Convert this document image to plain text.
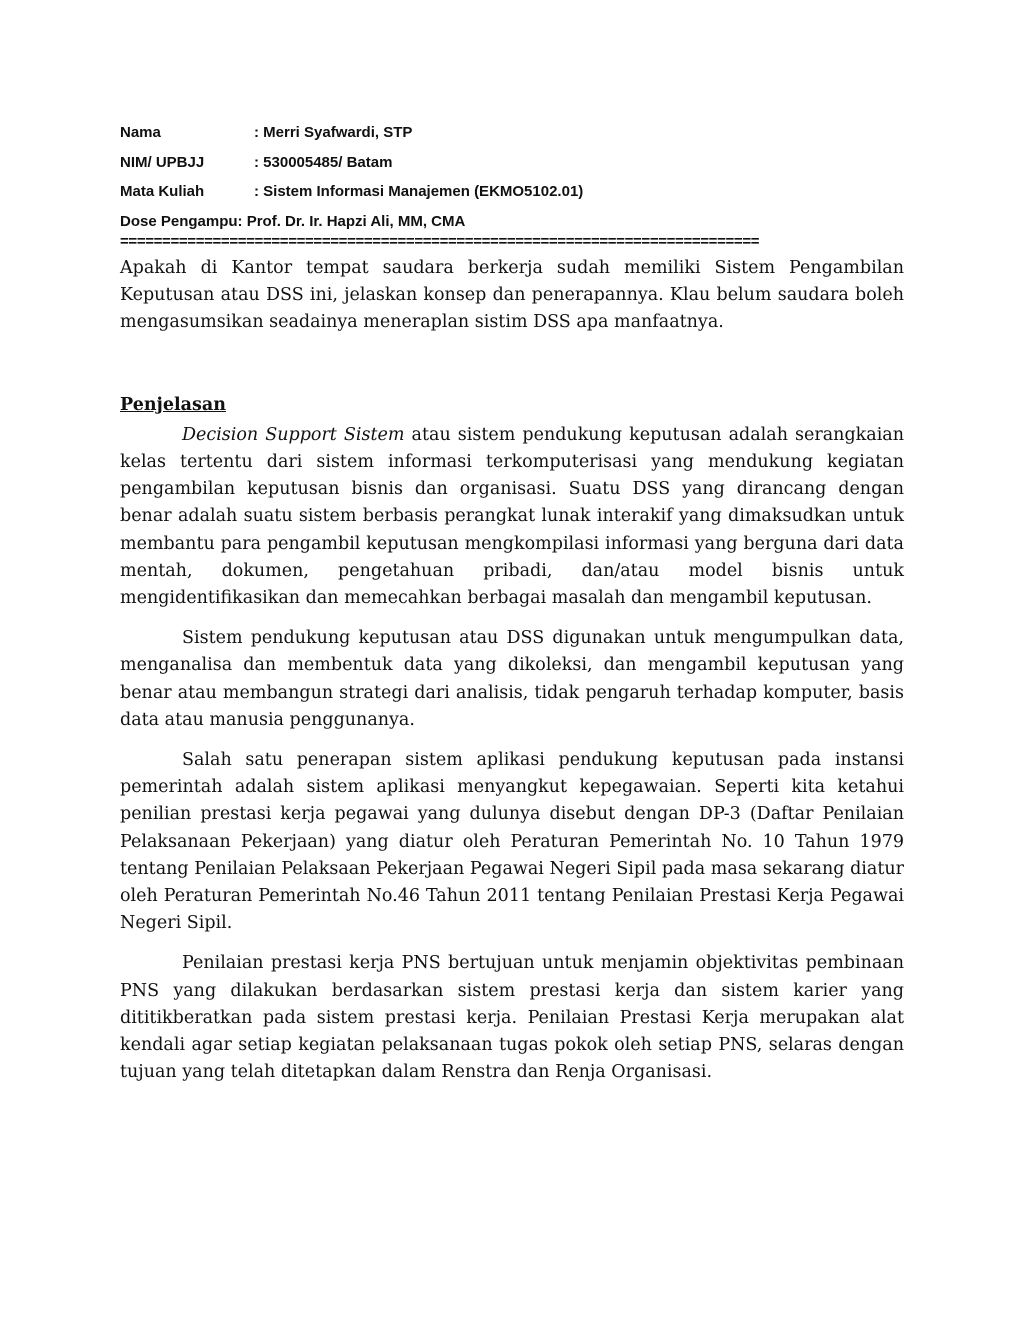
Nama	: Merri Syafwardi, STP
NIM/ UPBJJ	: 530005485/ Batam
Mata Kuliah	: Sistem Informasi Manajemen (EKMO5102.01)
Dose Pengampu : Prof. Dr. Ir. Hapzi Ali, MM, CMA
============================================================================
Apakah di Kantor tempat saudara berkerja sudah memiliki Sistem Pengambilan Keputusan atau DSS ini, jelaskan konsep dan penerapannya. Klau belum saudara boleh mengasumsikan seadainya meneraplan sistim DSS apa manfaatnya.
Penjelasan

Decision Support Sistem atau sistem pendukung keputusan adalah serangkaian kelas tertentu dari sistem informasi terkomputerisasi yang mendukung kegiatan pengambilan keputusan bisnis dan organisasi. Suatu DSS yang dirancang dengan benar adalah suatu sistem berbasis perangkat lunak interakif yang dimaksudkan untuk membantu para pengambil keputusan mengkompilasi informasi yang berguna dari data mentah, dokumen, pengetahuan pribadi, dan/atau model bisnis untuk mengidentifikasikan dan memecahkan berbagai masalah dan mengambil keputusan.

Sistem pendukung keputusan atau DSS digunakan untuk mengumpulkan data, menganalisa dan membentuk data yang dikoleksi, dan mengambil keputusan yang benar atau membangun strategi dari analisis, tidak pengaruh terhadap komputer, basis data atau manusia penggunanya.

Salah satu penerapan sistem aplikasi pendukung keputusan pada instansi pemerintah adalah sistem aplikasi menyangkut kepegawaian. Seperti kita ketahui penilian prestasi kerja pegawai yang dulunya disebut dengan DP-3 (Daftar Penilaian Pelaksanaan Pekerjaan) yang diatur oleh Peraturan Pemerintah No. 10 Tahun 1979 tentang Penilaian Pelaksaan Pekerjaan Pegawai Negeri Sipil pada masa sekarang diatur oleh Peraturan Pemerintah No.46 Tahun 2011 tentang Penilaian Prestasi Kerja Pegawai Negeri Sipil.

Penilaian prestasi kerja PNS bertujuan untuk menjamin objektivitas pembinaan PNS yang dilakukan berdasarkan sistem prestasi kerja dan sistem karier yang dititikberatkan pada sistem prestasi kerja. Penilaian Prestasi Kerja merupakan alat kendali agar setiap kegiatan pelaksanaan tugas pokok oleh setiap PNS, selaras dengan tujuan yang telah ditetapkan dalam Renstra dan Renja Organisasi.
